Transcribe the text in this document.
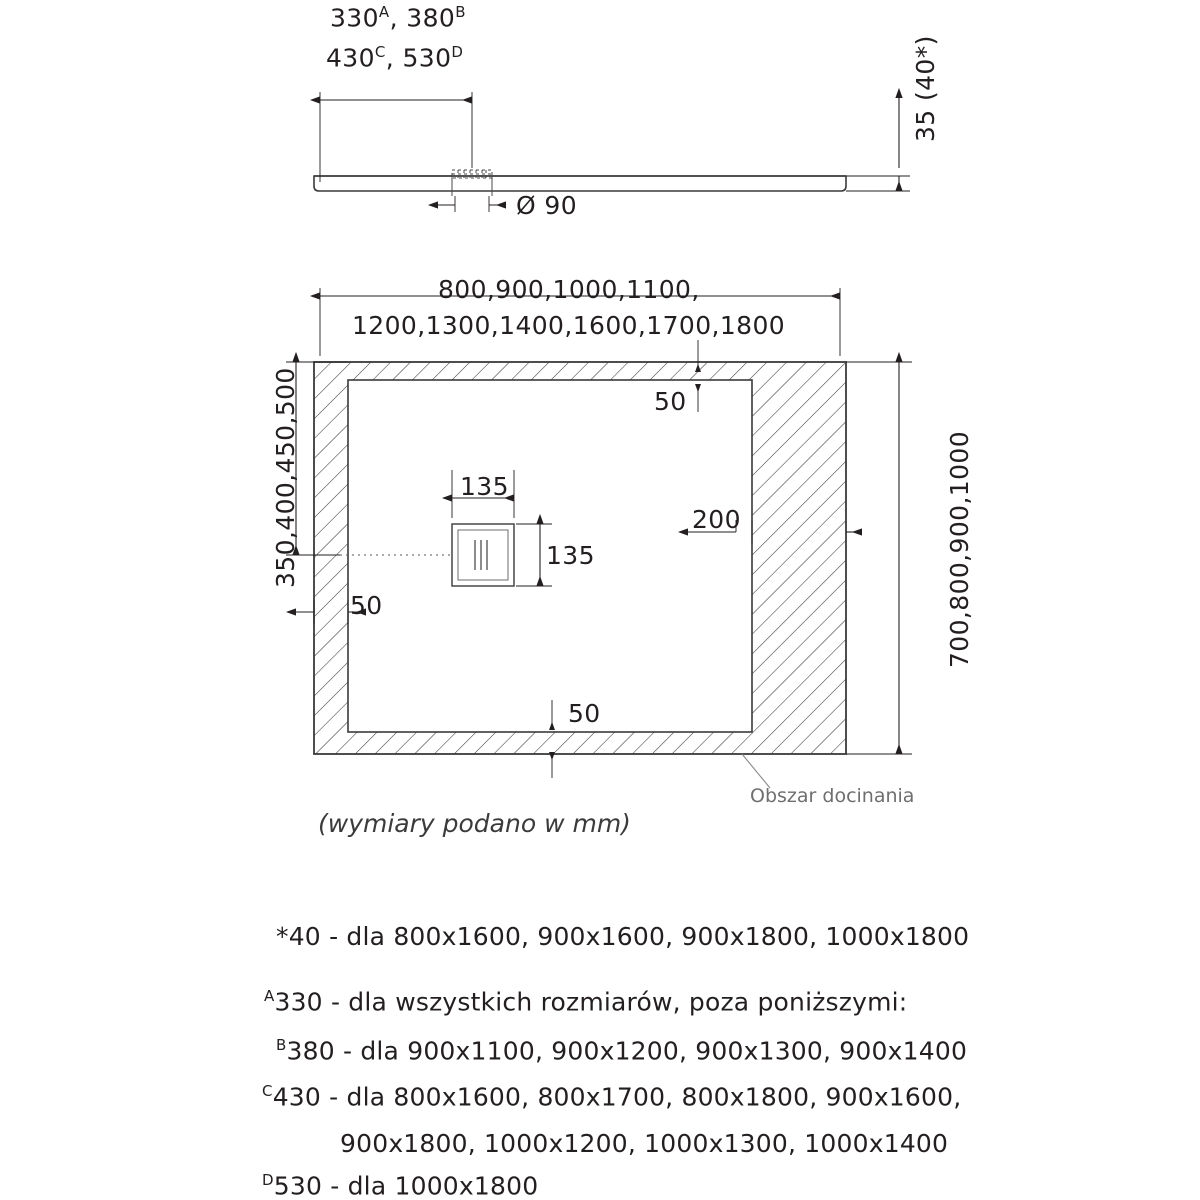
$330^A$, $380^B$
$430^C$, $530^D$	35 (40*)
Ø 90
800,900,1000,1100,
1200,1300,1400,1600,1700,1800
350,400,450,500	700,800,900,1000
50
50
50
200
135
135
Obszar docinania
(wymiary podano w mm)
*40 - dla 800x1600, 900x1600, 900x1800, 1000x1800
$^A$330 - dla wszystkich rozmiarów, poza poniższymi:
$^B$380 - dla 900x1100, 900x1200, 900x1300, 900x1400
$^C$430 - dla 800x1600, 800x1700, 800x1800, 900x1600,
900x1800, 1000x1200, 1000x1300, 1000x1400
$^D$530 - dla 1000x1800
